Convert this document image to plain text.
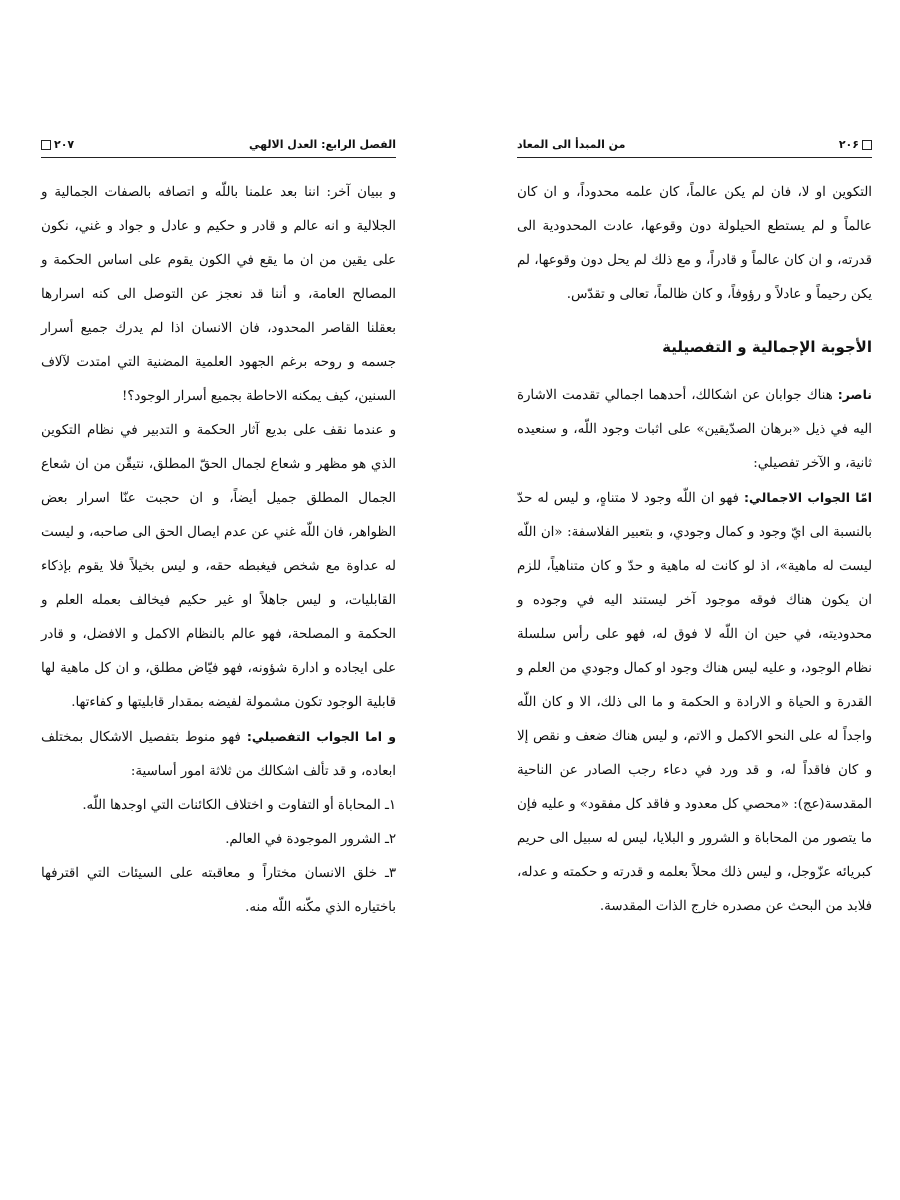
الفصل الرابع: العدل الالهي
۲۰۷

و ببيان آخر: اننا بعد علمنا باللّه و اتصافه بالصفات الجمالية و الجلالية و انه عالم و قادر و حكيم و عادل و جواد و غني، نكون على يقين من ان ما يقع في الكون يقوم على اساس الحكمة و المصالح العامة، و أننا قد نعجز عن التوصل الى كنه اسرارها بعقلنا القاصر المحدود، فان الانسان اذا لم يدرك جميع أسرار جسمه و روحه برغم الجهود العلمية المضنية التي امتدت لآلاف السنين، كيف يمكنه الاحاطة بجميع أسرار الوجود؟!

و عندما نقف على بديع آثار الحكمة و التدبير في نظام التكوين الذي هو مظهر و شعاع لجمال الحقّ المطلق، نتيقّن من ان شعاع الجمال المطلق جميل أيضاً، و ان حجبت عنّا اسرار بعض الظواهر، فان اللّه غني عن عدم ايصال الحق الى صاحبه، و ليست له عداوة مع شخص فيغبطه حقه، و ليس بخيلاً فلا يقوم بإذكاء القابليات، و ليس جاهلاً او غير حكيم فيخالف بعمله العلم و الحكمة و المصلحة، فهو عالم بالنظام الاكمل و الافضل، و قادر على ايجاده و ادارة شؤونه، فهو فيّاض مطلق، و ان كل ماهية لها قابلية الوجود تكون مشمولة لفيضه بمقدار قابليتها و كفاءتها.

و اما الجواب التفصيلي: فهو منوط بتفصيل الاشكال بمختلف ابعاده، و قد تألف اشكالك من ثلاثة امور أساسية:

۱ـ المحاباة أو التفاوت و اختلاف الكائنات التي اوجدها اللّه.

۲ـ الشرور الموجودة في العالم.

۳ـ خلق الانسان مختاراً و معاقبته على السيئات التي اقترفها باختياره الذي مكّنه اللّه منه.

۲۰۶
من المبدأ الى المعاد

التكوين او لا، فان لم يكن عالماً، كان علمه محدوداً، و ان كان عالماً و لم يستطع الحيلولة دون وقوعها، عادت المحدودية الى قدرته، و ان كان عالماً و قادراً، و مع ذلك لم يحل دون وقوعها، لم يكن رحيماً و عادلاً و رؤوفاً، و كان ظالماً، تعالى و تقدّس.

الأجوبة الإجمالية و التفصيلية

ناصر: هناك جوابان عن اشكالك، أحدهما اجمالي تقدمت الاشارة اليه في ذيل «برهان الصدّيقين» على اثبات وجود اللّه، و سنعيده ثانية، و الآخر تفصيلي:

امّا الجواب الاجمالي: فهو ان اللّه وجود لا متناهٍ، و ليس له حدّ بالنسبة الى ايّ وجود و كمال وجودي، و بتعبير الفلاسفة: «ان اللّه ليست له ماهية»، اذ لو كانت له ماهية و حدّ و كان متناهياً، للزم ان يكون هناك فوقه موجود آخر ليستند اليه في وجوده و محدوديته، في حين ان اللّه لا فوق له، فهو على رأس سلسلة نظام الوجود، و عليه ليس هناك وجود او كمال وجودي من العلم و القدرة و الحياة و الارادة و الحكمة و ما الى ذلك، الا و كان اللّه واجداً له على النحو الاكمل و الاتم، و ليس هناك ضعف و نقص إلا و كان فاقداً له، و قد ورد في دعاء رجب الصادر عن الناحية المقدسة(عج): «محصي كل معدود و فاقد كل مفقود» و عليه فإن ما يتصور من المحاباة و الشرور و البلايا، ليس له سبيل الى حريم كبريائه عزّوجل، و ليس ذلك محلاً بعلمه و قدرته و حكمته و عدله، فلابد من البحث عن مصدره خارج الذات المقدسة.
